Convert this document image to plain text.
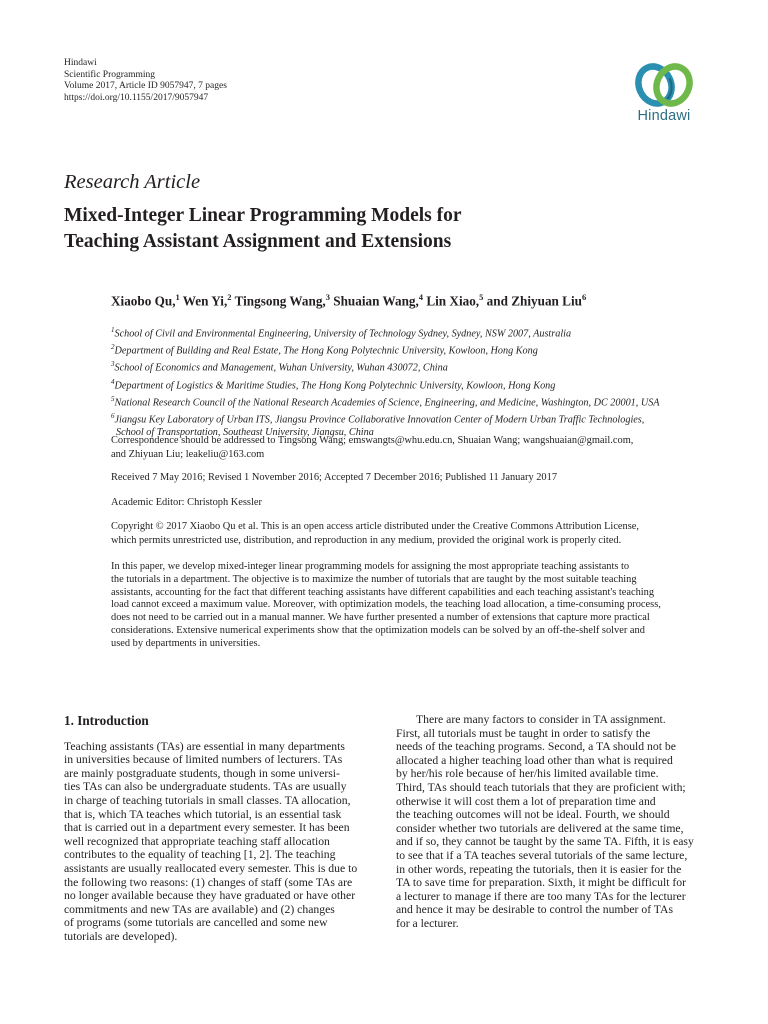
Hindawi
Scientific Programming
Volume 2017, Article ID 9057947, 7 pages
https://doi.org/10.1155/2017/9057947
Hindawi
Research Article
Mixed-Integer Linear Programming Models for
Teaching Assistant Assignment and Extensions
Xiaobo Qu,$^1$ Wen Yi,$^2$ Tingsong Wang,$^3$ Shuaian Wang,$^4$ Lin Xiao,$^5$ and Zhiyuan Liu$^6$
$^1$School of Civil and Environmental Engineering, University of Technology Sydney, Sydney, NSW 2007, Australia
$^2$Department of Building and Real Estate, The Hong Kong Polytechnic University, Kowloon, Hong Kong
$^3$School of Economics and Management, Wuhan University, Wuhan 430072, China
$^4$Department of Logistics & Maritime Studies, The Hong Kong Polytechnic University, Kowloon, Hong Kong
$^5$National Research Council of the National Research Academies of Science, Engineering, and Medicine, Washington, DC 20001, USA
$^6$Jiangsu Key Laboratory of Urban ITS, Jiangsu Province Collaborative Innovation Center of Modern Urban Traffic Technologies,
School of Transportation, Southeast University, Jiangsu, China
Correspondence should be addressed to Tingsong Wang; emswangts@whu.edu.cn, Shuaian Wang; wangshuaian@gmail.com,
and Zhiyuan Liu; leakeliu@163.com
Received 7 May 2016; Revised 1 November 2016; Accepted 7 December 2016; Published 11 January 2017
Academic Editor: Christoph Kessler
Copyright © 2017 Xiaobo Qu et al. This is an open access article distributed under the Creative Commons Attribution License,
which permits unrestricted use, distribution, and reproduction in any medium, provided the original work is properly cited.
In this paper, we develop mixed-integer linear programming models for assigning the most appropriate teaching assistants to
the tutorials in a department. The objective is to maximize the number of tutorials that are taught by the most suitable teaching
assistants, accounting for the fact that different teaching assistants have different capabilities and each teaching assistant's teaching
load cannot exceed a maximum value. Moreover, with optimization models, the teaching load allocation, a time-consuming process,
does not need to be carried out in a manual manner. We have further presented a number of extensions that capture more practical
considerations. Extensive numerical experiments show that the optimization models can be solved by an off-the-shelf solver and
used by departments in universities.
1. Introduction
Teaching assistants (TAs) are essential in many departments
in universities because of limited numbers of lecturers. TAs
are mainly postgraduate students, though in some universi-
ties TAs can also be undergraduate students. TAs are usually
in charge of teaching tutorials in small classes. TA allocation,
that is, which TA teaches which tutorial, is an essential task
that is carried out in a department every semester. It has been
well recognized that appropriate teaching staff allocation
contributes to the equality of teaching [1, 2]. The teaching
assistants are usually reallocated every semester. This is due to
the following two reasons: (1) changes of staff (some TAs are
no longer available because they have graduated or have other
commitments and new TAs are available) and (2) changes
of programs (some tutorials are cancelled and some new
tutorials are developed).
There are many factors to consider in TA assignment.
First, all tutorials must be taught in order to satisfy the
needs of the teaching programs. Second, a TA should not be
allocated a higher teaching load other than what is required
by her/his role because of her/his limited available time.
Third, TAs should teach tutorials that they are proficient with;
otherwise it will cost them a lot of preparation time and
the teaching outcomes will not be ideal. Fourth, we should
consider whether two tutorials are delivered at the same time,
and if so, they cannot be taught by the same TA. Fifth, it is easy
to see that if a TA teaches several tutorials of the same lecture,
in other words, repeating the tutorials, then it is easier for the
TA to save time for preparation. Sixth, it might be difficult for
a lecturer to manage if there are too many TAs for the lecturer
and hence it may be desirable to control the number of TAs
for a lecturer.
